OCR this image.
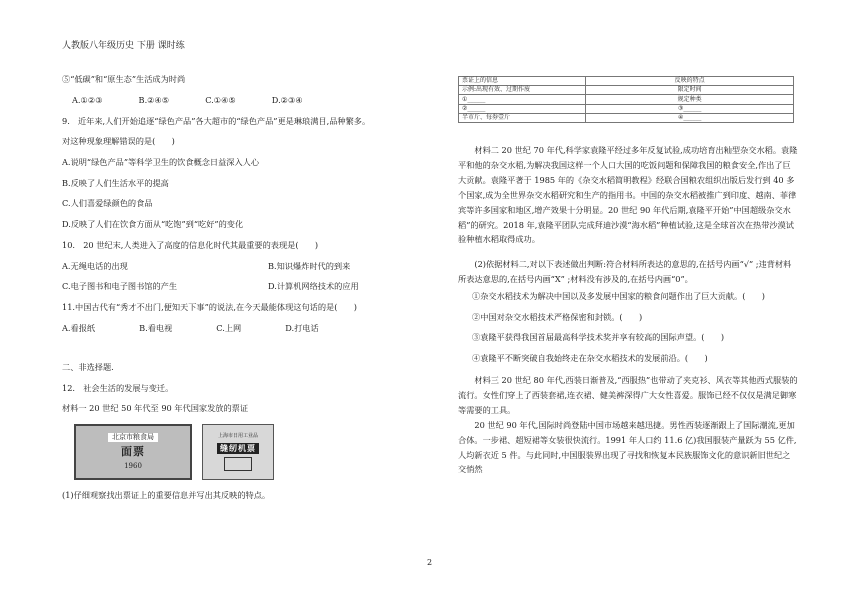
人教版八年级历史 下册 课时练

⑤“低碳”和“原生态”生活成为时尚

A.①②③	B.②④⑤	C.①④⑤	D.②③④

9.　近年来,人们开始追逐“绿色产品”各大超市的“绿色产品”更是琳琅满目,品种繁多。

对这种现象理解错误的是(　　)

A.说明“绿色产品”等科学卫生的饮食概念日益深入人心

B.反映了人们生活水平的提高

C.人们喜爱绿颜色的食品

D.反映了人们在饮食方面从“吃饱”到“吃好”的变化

10.　20 世纪末,人类进入了高度的信息化时代其最重要的表现是(　　)

A.无绳电话的出现	B.知识爆炸时代的到来
C.电子图书和电子图书馆的产生	D.计算机网络技术的应用

11.中国古代有“秀才不出门,便知天下事”的说法,在今天最能体现这句话的是(　　)

A.看报纸	B.看电视	C.上网	D.打电话

二、非选择题.

12.　社会生活的发展与变迁。

材料一 20 世纪 50 年代至 90 年代国家发放的票证

北京市粮食局
面票
1960
上海市日用工业品
缝纫机票

(1)仔细观察找出票证上的重要信息并写出其反映的特点。

票证上的信息	反映的特点
示例:出现有效、过期作废	限定时间
①______	规定种类
②______	③______
半市斤、每券壹斤	④______

材料二 20 世纪 70 年代,科学家袁隆平经过多年反复试验,成功培育出籼型杂交水稻。袁隆平和他的杂交水稻,为解决我国这样一个人口大国的吃饭问题和保障我国的粮食安全,作出了巨大贡献。袁隆平著于 1985 年的《杂交水稻简明教程》经联合国粮农组织出版后发行到 40 多个国家,成为全世界杂交水稻研究和生产的指用书。中国的杂交水稻被推广到印度、越南、菲律宾等许多国家和地区,增产效果十分明显。20 世纪 90 年代后期,袁隆平开始”中国超级杂交水稻”的研究。2018 年,袁隆平团队完成拜迪沙漠“海水稻”种植试验,这是全球首次在热带沙漠试验种植水稻取得成功。

(2)依据材料二,对以下表述做出判断:符合材料所表达的意思的,在括号内画“√” ;违背材料所表达意思的,在括号内画“X” ;材料没有涉及的,在括号内画“0”。

①杂交水稻技术为解决中国以及多发展中国家的粮食问题作出了巨大贡献。(　　)

②中国对杂交水稻技术严格保密和封锁。(　　)

③袁隆平获得我国首届最高科学技术奖并享有较高的国际声望。(　　)

④袁隆平不断突破自我始终走在杂交水稻技术的发展前沿。(　　)

材料三 20 世纪 80 年代,西装日渐普及,“西服热”也带动了夹克衫、风衣等其他西式服装的流行。女性们穿上了西装套裙,连衣裙、健美裤深得广大女性喜爱。服饰已经不仅仅是满足御寒等需要的工具。

20 世纪 90 年代,国际时尚登陆中国市场越来越迅捷。男性西装逐渐跟上了国际潮流,更加合体。一步裙、超短裙等女装很快流行。1991 年人口约 11.6 亿)我国服装产量跃为 55 亿件,人均新衣近 5 件。与此同时,中国服装界出现了寻找和恢复本民族服饰文化的意识新旧世纪之交悄然

2
